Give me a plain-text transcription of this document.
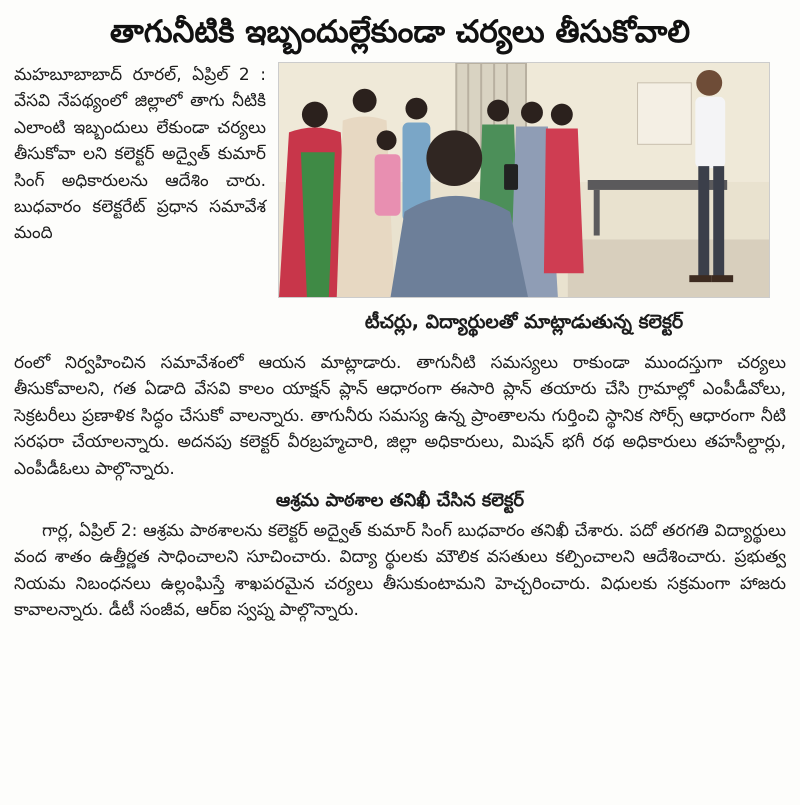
తాగునీటికి ఇబ్బందుల్లేకుండా చర్యలు తీసుకోవాలి

మహబూబాబాద్ రూరల్, ఏప్రిల్ 2 : వేసవి నేపథ్యంలో జిల్లాలో తాగు నీటికి ఎలాంటి ఇబ్బందులు లేకుండా చర్యలు తీసుకోవా లని కలెక్టర్ అద్వైత్ కుమార్ సింగ్ అధికారులను ఆదేశిం చారు. బుధవారం కలెక్టరేట్ ప్రధాన సమావేశ మంది

టీచర్లు, విద్యార్థులతో మాట్లాడుతున్న కలెక్టర్

రంలో నిర్వహించిన సమావేశంలో ఆయన మాట్లాడారు. తాగునీటి సమస్యలు రాకుండా ముందస్తుగా చర్యలు తీసుకోవాలని, గత ఏడాది వేసవి కాలం యాక్షన్ ప్లాన్ ఆధారంగా ఈసారి ప్లాన్ తయారు చేసి గ్రామాల్లో ఎంపీడీవోలు, సెక్రటరీలు ప్రణాళిక సిద్ధం చేసుకో వాలన్నారు. తాగునీరు సమస్య ఉన్న ప్రాంతాలను గుర్తించి స్థానిక సోర్స్ ఆధారంగా నీటి సరఫరా చేయాలన్నారు. అదనపు కలెక్టర్ వీరబ్రహ్మచారి, జిల్లా అధికారులు, మిషన్ భగీ రథ అధికారులు తహసీల్దార్లు, ఎంపీడీఓలు పాల్గొన్నారు.

ఆశ్రమ పాఠశాల తనిఖీ చేసిన కలెక్టర్

గార్ల, ఏప్రిల్ 2: ఆశ్రమ పాఠశాలను కలెక్టర్ అద్వైత్ కుమార్ సింగ్ బుధవారం తనిఖీ చేశారు. పదో తరగతి విద్యార్థులు వంద శాతం ఉత్తీర్ణత సాధించాలని సూచించారు. విద్యా ర్థులకు మౌలిక వసతులు కల్పించాలని ఆదేశించారు. ప్రభుత్వ నియమ నిబంధనలు ఉల్లంఘిస్తే శాఖపరమైన చర్యలు తీసుకుంటామని హెచ్చరించారు. విధులకు సక్రమంగా హాజరు కావాలన్నారు. డీటీ సంజీవ, ఆర్ఐ స్వప్న పాల్గొన్నారు.
